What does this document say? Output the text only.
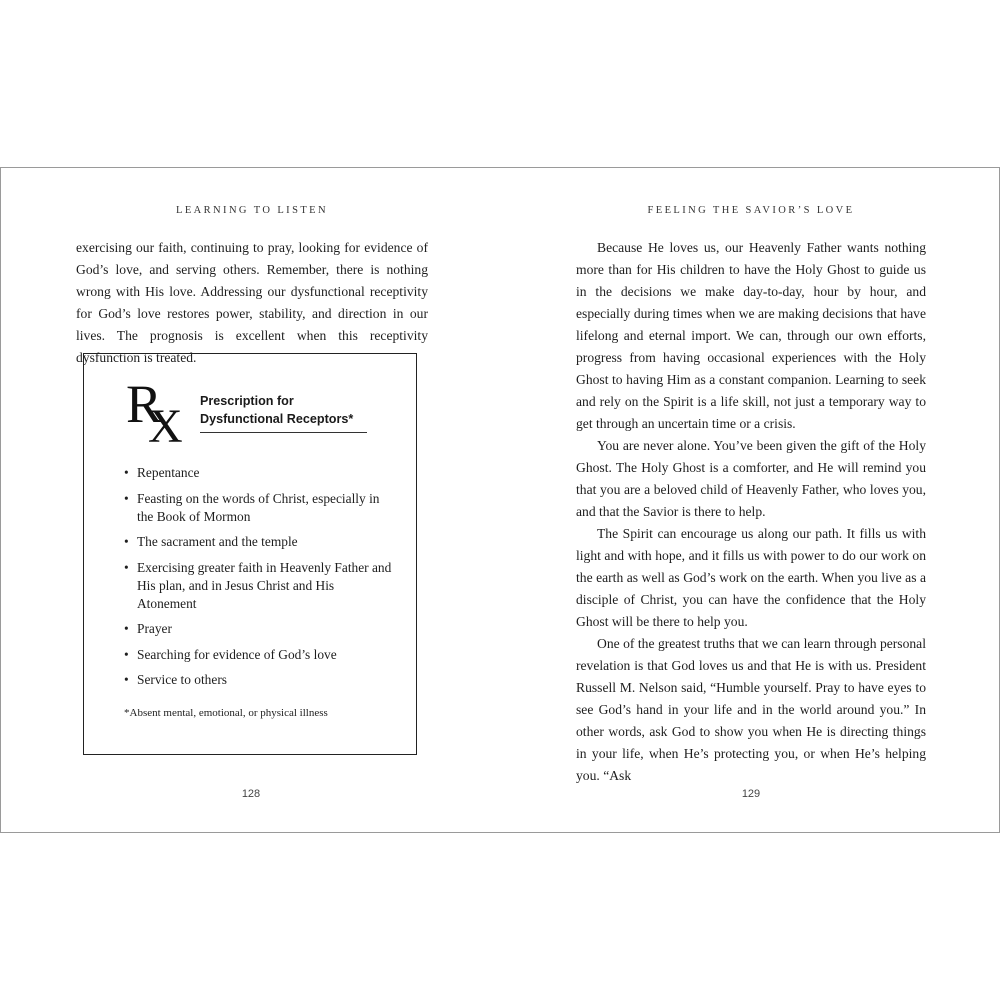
LEARNING TO LISTEN

exercising our faith, continuing to pray, looking for evidence of God’s love, and serving others. Remember, there is nothing wrong with His love. Addressing our dysfunctional receptivity for God’s love restores power, stability, and direction in our lives. The prognosis is excellent when this receptivity dysfunction is treated.

R
X Prescription for Dysfunctional Receptors*
• Repentance
• Feasting on the words of Christ, especially in the Book of Mormon
• The sacrament and the temple
• Exercising greater faith in Heavenly Father and His plan, and in Jesus Christ and His Atonement
• Prayer
• Searching for evidence of God’s love
• Service to others
*Absent mental, emotional, or physical illness
128
FEELING THE SAVIOR’S LOVE

Because He loves us, our Heavenly Father wants nothing more than for His children to have the Holy Ghost to guide us in the decisions we make day-to-day, hour by hour, and especially during times when we are making decisions that have lifelong and eternal import. We can, through our own efforts, progress from having occasional experiences with the Holy Ghost to having Him as a constant companion. Learning to seek and rely on the Spirit is a life skill, not just a temporary way to get through an uncertain time or a crisis.

You are never alone. You’ve been given the gift of the Holy Ghost. The Holy Ghost is a comforter, and He will remind you that you are a beloved child of Heavenly Father, who loves you, and that the Savior is there to help.

The Spirit can encourage us along our path. It fills us with light and with hope, and it fills us with power to do our work on the earth as well as God’s work on the earth. When you live as a disciple of Christ, you can have the confidence that the Holy Ghost will be there to help you.

One of the greatest truths that we can learn through personal revelation is that God loves us and that He is with us. President Russell M. Nelson said, “Humble yourself. Pray to have eyes to see God’s hand in your life and in the world around you.” In other words, ask God to show you when He is directing things in your life, when He’s protecting you, or when He’s helping you. “Ask

129
